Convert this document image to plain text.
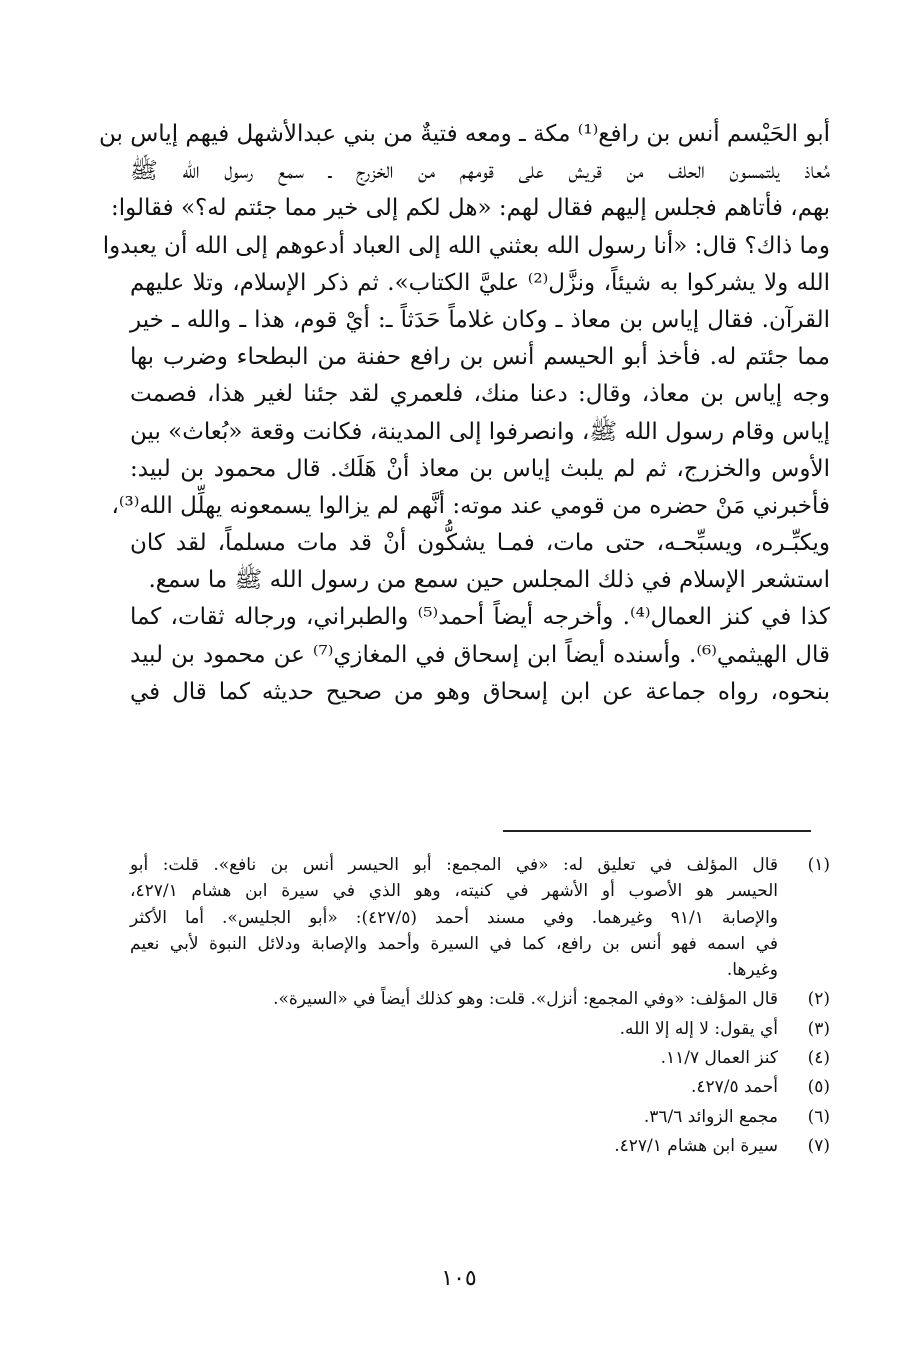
أبو الحَيْسم أنس بن رافع⁽¹⁾ مكة ـ ومعه فتيةٌ من بني عبدالأشهل فيهم إياس بن
مُعاذ يلتمسون الحلف من قريش على قومهم من الخزرج ـ سمع رسول الله ﷺ
بهم، فأتاهم فجلس إليهم فقال لهم: «هل لكم إلى خير مما جئتم له؟» فقالوا:
وما ذاك؟ قال: «أنا رسول الله بعثني الله إلى العباد أدعوهم إلى الله أن يعبدوا
الله ولا يشركوا به شيئاً، ونزَّل⁽²⁾ عليَّ الكتاب». ثم ذكر الإسلام، وتلا عليهم
القرآن. فقال إياس بن معاذ ـ وكان غلاماً حَدَثاً ـ: أيْ قوم، هذا ـ والله ـ خير
مما جئتم له. فأخذ أبو الحيسم أنس بن رافع حفنة من البطحاء وضرب بها
وجه إياس بن معاذ، وقال: دعنا منك، فلعمري لقد جئنا لغير هذا، فصمت
إياس وقام رسول الله ﷺ، وانصرفوا إلى المدينة، فكانت وقعة «بُعاث» بين
الأوس والخزرج، ثم لم يلبث إياس بن معاذ أنْ هَلَك. قال محمود بن لبيد:
فأخبرني مَنْ حضره من قومي عند موته: أنَّهم لم يزالوا يسمعونه يهلِّل الله⁽³⁾،
ويكبِّـره، ويسبِّحـه، حتى مات، فمـا يشكُّون أنْ قد مات مسلماً، لقد كان
استشعر الإسلام في ذلك المجلس حين سمع من رسول الله ﷺ ما سمع.
كذا في كنز العمال⁽⁴⁾. وأخرجه أيضاً أحمد⁽⁵⁾ والطبراني، ورجاله ثقات، كما
قال الهيثمي⁽⁶⁾. وأسنده أيضاً ابن إسحاق في المغازي⁽⁷⁾ عن محمود بن لبيد
بنحوه، رواه جماعة عن ابن إسحاق وهو من صحيح حديثه كما قال في
(١)
قال المؤلف في تعليق له: «في المجمع: أبو الحيسر أنس بن نافع». قلت: أبو
الحيسر هو الأصوب أو الأشهر في كنيته، وهو الذي في سيرة ابن هشام ٤٢٧/١،
والإصابة ٩١/١ وغيرهما. وفي مسند أحمد (٤٢٧/٥): «أبو الجليس». أما الأكثر
في اسمه فهو أنس بن رافع، كما في السيرة وأحمد والإصابة ودلائل النبوة لأبي نعيم
وغيرها.
(٢)
قال المؤلف: «وفي المجمع: أنزل». قلت: وهو كذلك أيضاً في «السيرة».
(٣)
أي يقول: لا إله إلا الله.
(٤)
كنز العمال ١١/٧.
(٥)
أحمد ٤٢٧/٥.
(٦)
مجمع الزوائد ٣٦/٦.
(٧)
سيرة ابن هشام ٤٢٧/١.
١٠٥
